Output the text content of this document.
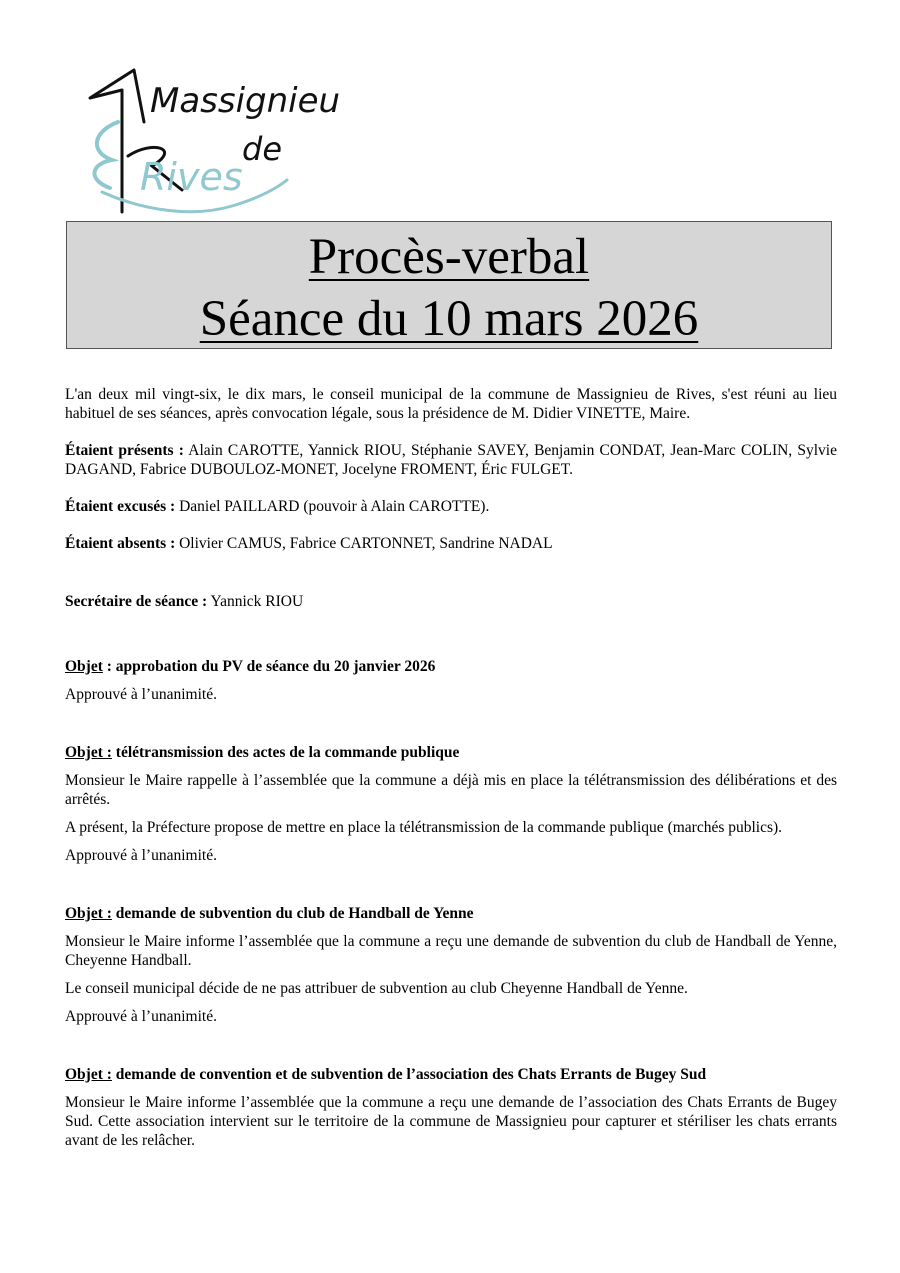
Massignieu
de
Rives
Procès-verbal
Séance du 10 mars 2026

L'an deux mil vingt-six, le dix mars, le conseil municipal de la commune de Massignieu de Rives, s'est réuni au lieu habituel de ses séances, après convocation légale, sous la présidence de M. Didier VINETTE, Maire.

Étaient présents : Alain CAROTTE, Yannick RIOU, Stéphanie SAVEY, Benjamin CONDAT, Jean-Marc COLIN, Sylvie DAGAND, Fabrice DUBOULOZ-MONET, Jocelyne FROMENT, Éric FULGET.

Étaient excusés : Daniel PAILLARD (pouvoir à Alain CAROTTE).

Étaient absents : Olivier CAMUS, Fabrice CARTONNET, Sandrine NADAL

Secrétaire de séance : Yannick RIOU

Objet : approbation du PV de séance du 20 janvier 2026

Approuvé à l’unanimité.

Objet : télétransmission des actes de la commande publique

Monsieur le Maire rappelle à l’assemblée que la commune a déjà mis en place la télétransmission des délibérations et des arrêtés.

A présent, la Préfecture propose de mettre en place la télétransmission de la commande publique (marchés publics).

Approuvé à l’unanimité.

Objet : demande de subvention du club de Handball de Yenne

Monsieur le Maire informe l’assemblée que la commune a reçu une demande de subvention du club de Handball de Yenne, Cheyenne Handball.

Le conseil municipal décide de ne pas attribuer de subvention au club Cheyenne Handball de Yenne.

Approuvé à l’unanimité.

Objet : demande de convention et de subvention de l’association des Chats Errants de Bugey Sud

Monsieur le Maire informe l’assemblée que la commune a reçu une demande de l’association des Chats Errants de Bugey Sud. Cette association intervient sur le territoire de la commune de Massignieu pour capturer et stériliser les chats errants avant de les relâcher.
